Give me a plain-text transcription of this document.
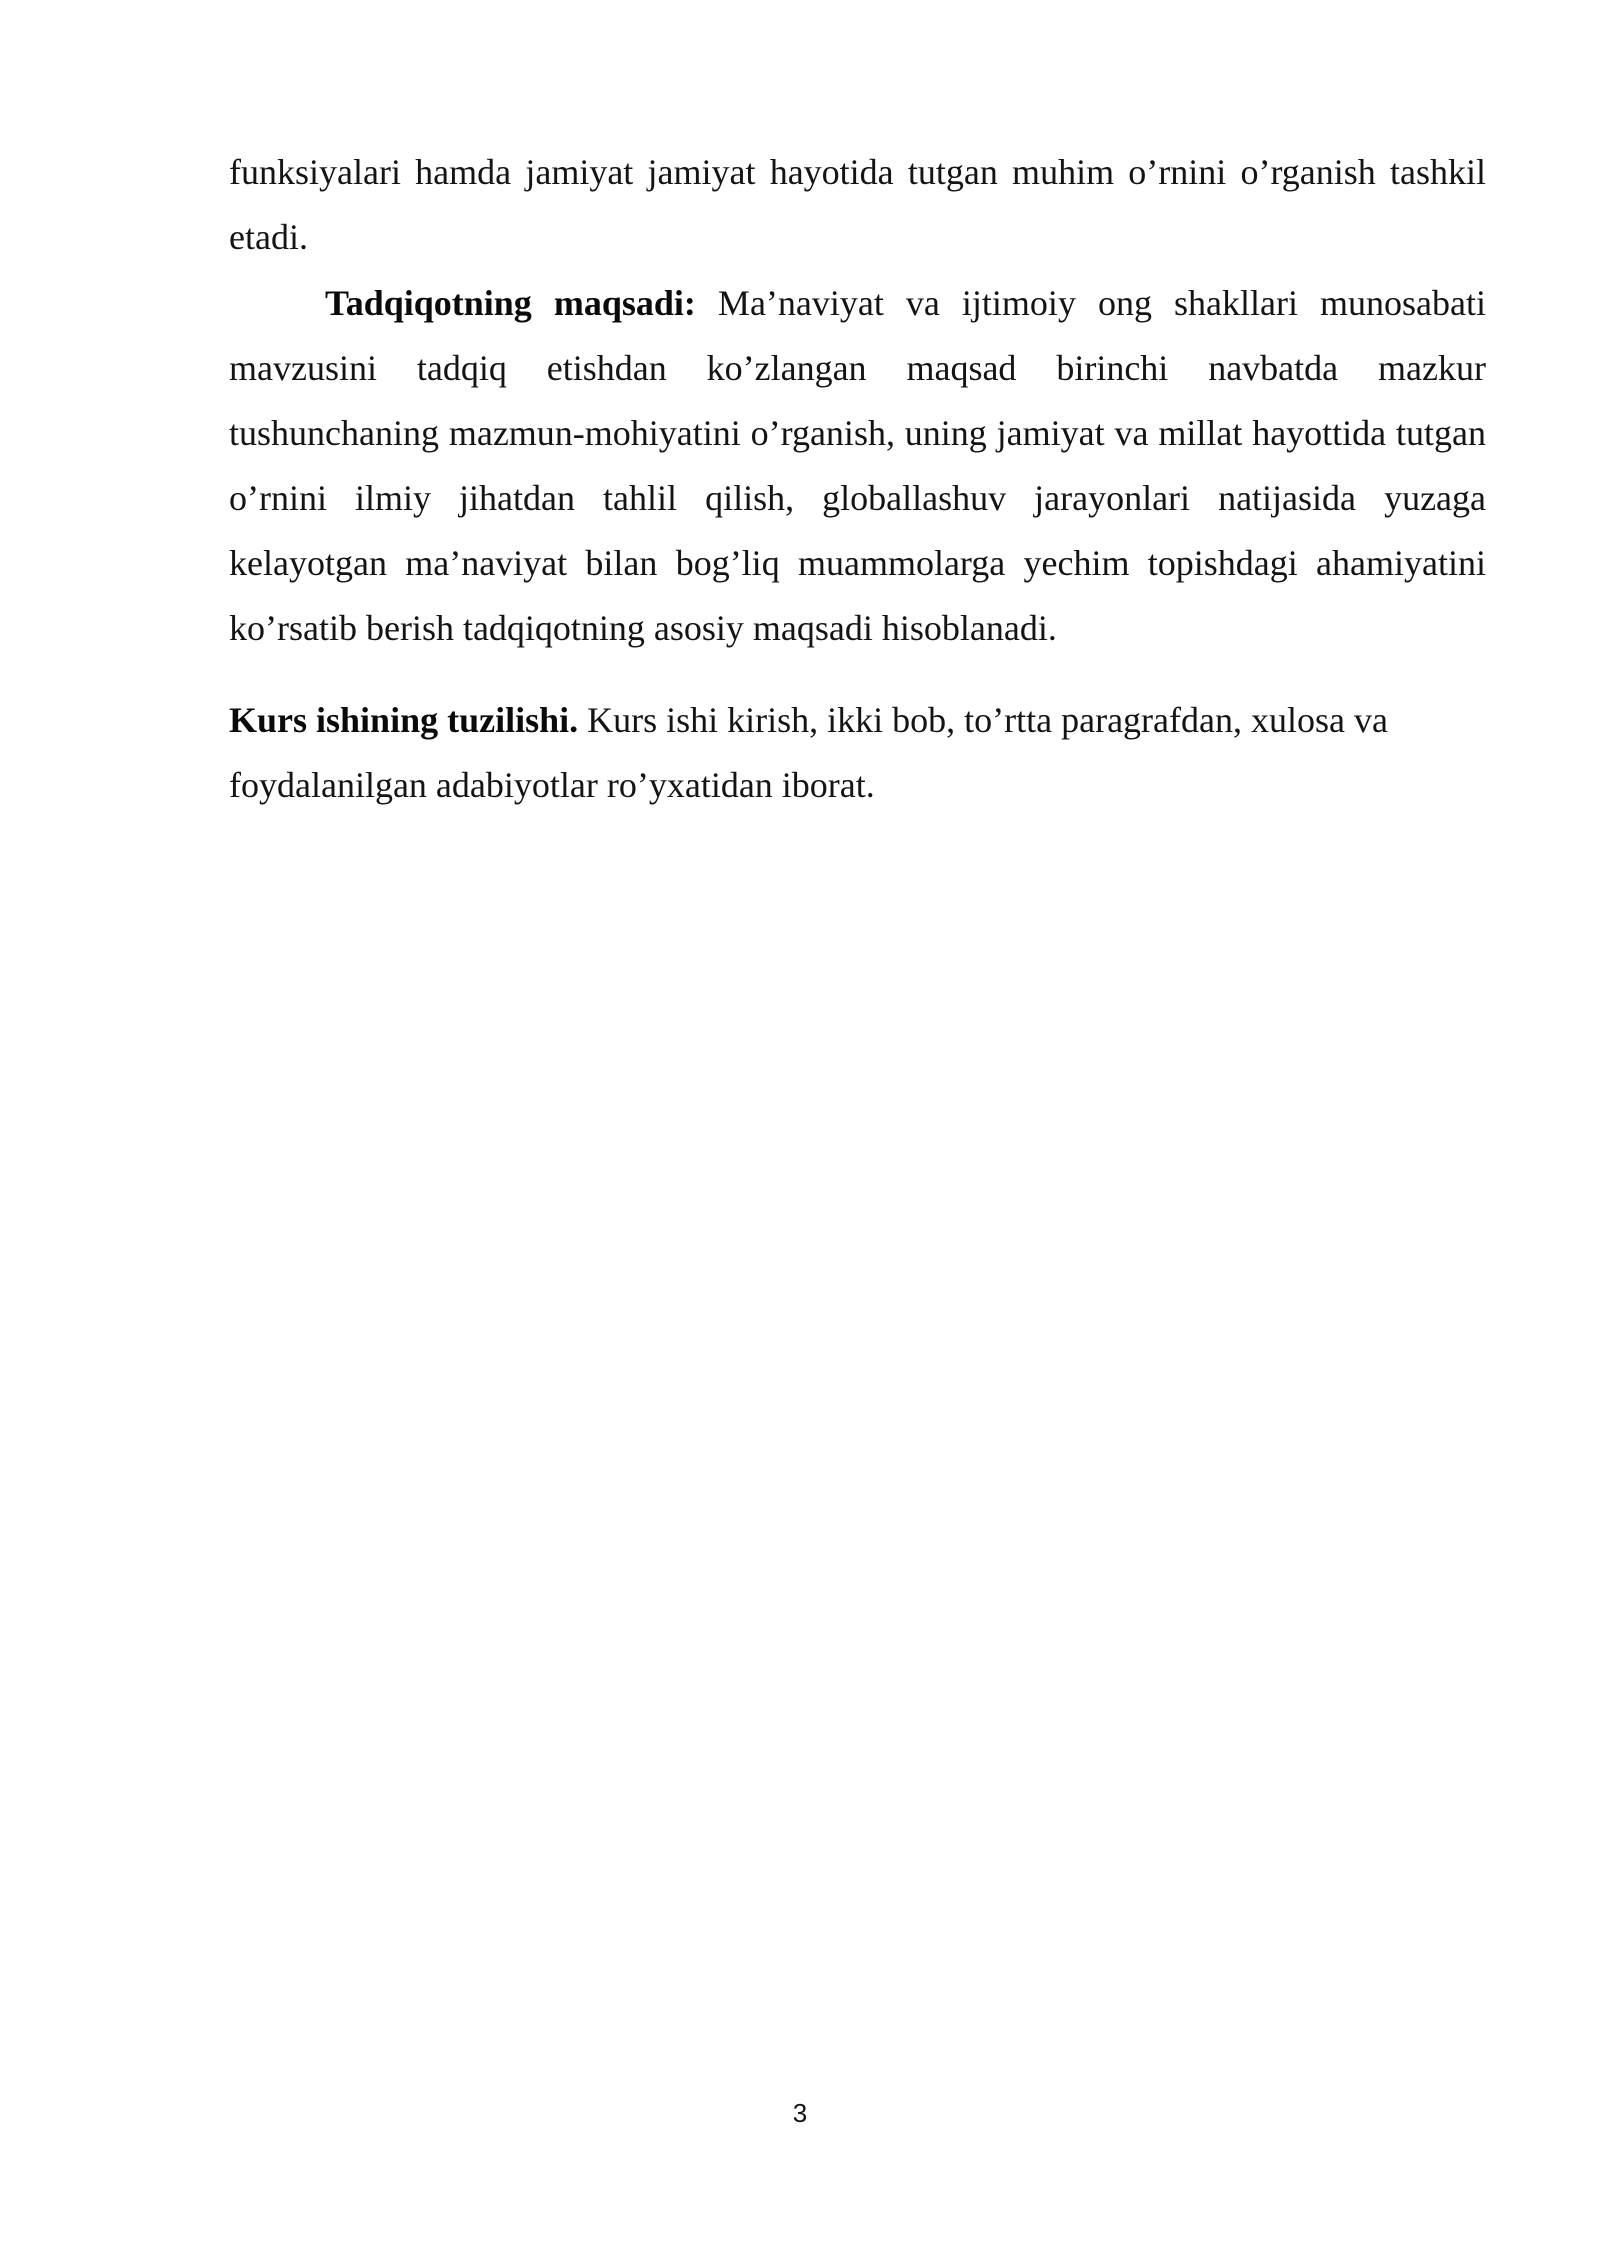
funksiyalari hamda jamiyat jamiyat hayotida tutgan muhim o’rnini o’rganish tashkil etadi.

Tadqiqotning maqsadi: Ma’naviyat va ijtimoiy ong shakllari munosabati mavzusini tadqiq etishdan ko’zlangan maqsad birinchi navbatda mazkur tushunchaning mazmun-mohiyatini o’rganish, uning jamiyat va millat hayottida tutgan o’rnini ilmiy jihatdan tahlil qilish, globallashuv jarayonlari natijasida yuzaga kelayotgan ma’naviyat bilan bog’liq muammolarga yechim topishdagi ahamiyatini ko’rsatib berish tadqiqotning asosiy maqsadi hisoblanadi.

Kurs ishining tuzilishi. Kurs ishi kirish, ikki bob, to’rtta paragrafdan, xulosa va foydalanilgan adabiyotlar ro’yxatidan iborat.

3
